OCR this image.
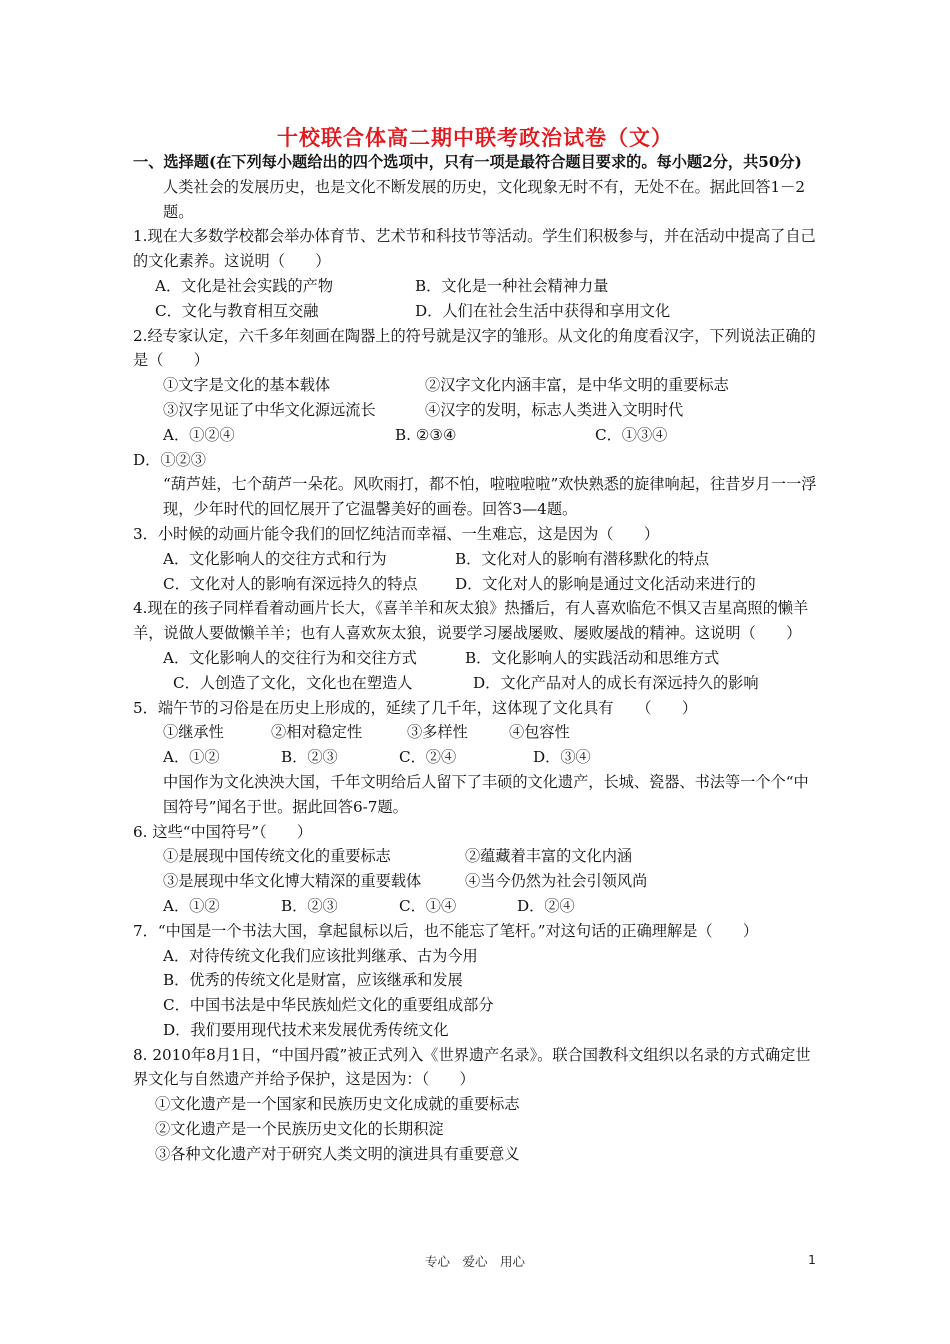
十校联合体高二期中联考政治试卷（文）

一、选择题(在下列每小题给出的四个选项中，只有一项是最符合题目要求的。每小题2分，共50分)

人类社会的发展历史，也是文化不断发展的历史，文化现象无时不有，无处不在。据此回答1－2题。

1.现在大多数学校都会举办体育节、艺术节和科技节等活动。学生们积极参与，并在活动中提高了自己的文化素养。这说明（　　）

A．文化是社会实践的产物	B．文化是一种社会精神力量
C．文化与教育相互交融	D．人们在社会生活中获得和享用文化

2.经专家认定，六千多年刻画在陶器上的符号就是汉字的雏形。从文化的角度看汉字，下列说法正确的是（　　）

①文字是文化的基本载体	②汉字文化内涵丰富，是中华文明的重要标志
③汉字见证了中华文化源远流长	④汉字的发明，标志人类进入文明时代
A．①②④	B. ②③④	C．①③④

D．①②③

“葫芦娃，七个葫芦一朵花。风吹雨打，都不怕，啦啦啦啦”欢快熟悉的旋律响起，往昔岁月一一浮现，少年时代的回忆展开了它温馨美好的画卷。回答3—4题。

3．小时候的动画片能令我们的回忆纯洁而幸福、一生难忘，这是因为（　　）

A．文化影响人的交往方式和行为	B．文化对人的影响有潜移默化的特点
C．文化对人的影响有深远持久的特点	D．文化对人的影响是通过文化活动来进行的

4.现在的孩子同样看着动画片长大，《喜羊羊和灰太狼》热播后，有人喜欢临危不惧又吉星高照的懒羊羊，说做人要做懒羊羊；也有人喜欢灰太狼，说要学习屡战屡败、屡败屡战的精神。这说明（　　）

A．文化影响人的交往行为和交往方式	B．文化影响人的实践活动和思维方式
C．人创造了文化，文化也在塑造人	D．文化产品对人的成长有深远持久的影响

5．端午节的习俗是在历史上形成的，延续了几千年，这体现了文化具有　　（　　）

①继承性	②相对稳定性	③多样性	④包容性
A．①②	B．②③	C．②④	D．③④

中国作为文化泱泱大国，千年文明给后人留下了丰硕的文化遗产，长城、瓷器、书法等一个个“中国符号”闻名于世。据此回答6-7题。

6. 这些“中国符号”（　　）

①是展现中国传统文化的重要标志	②蕴藏着丰富的文化内涵
③是展现中华文化博大精深的重要载体	④当今仍然为社会引领风尚
A．①②	B．②③	C．①④	D．②④

7．“中国是一个书法大国，拿起鼠标以后，也不能忘了笔杆。”对这句话的正确理解是（　　）

A．对待传统文化我们应该批判继承、古为今用

B．优秀的传统文化是财富，应该继承和发展

C．中国书法是中华民族灿烂文化的重要组成部分

D．我们要用现代技术来发展优秀传统文化

8. 2010年8月1日，“中国丹霞”被正式列入《世界遗产名录》。联合国教科文组织以名录的方式确定世界文化与自然遗产并给予保护，这是因为：（　　）

①文化遗产是一个国家和民族历史文化成就的重要标志

②文化遗产是一个民族历史文化的长期积淀

③各种文化遗产对于研究人类文明的演进具有重要意义

专心　爱心　用心	1
